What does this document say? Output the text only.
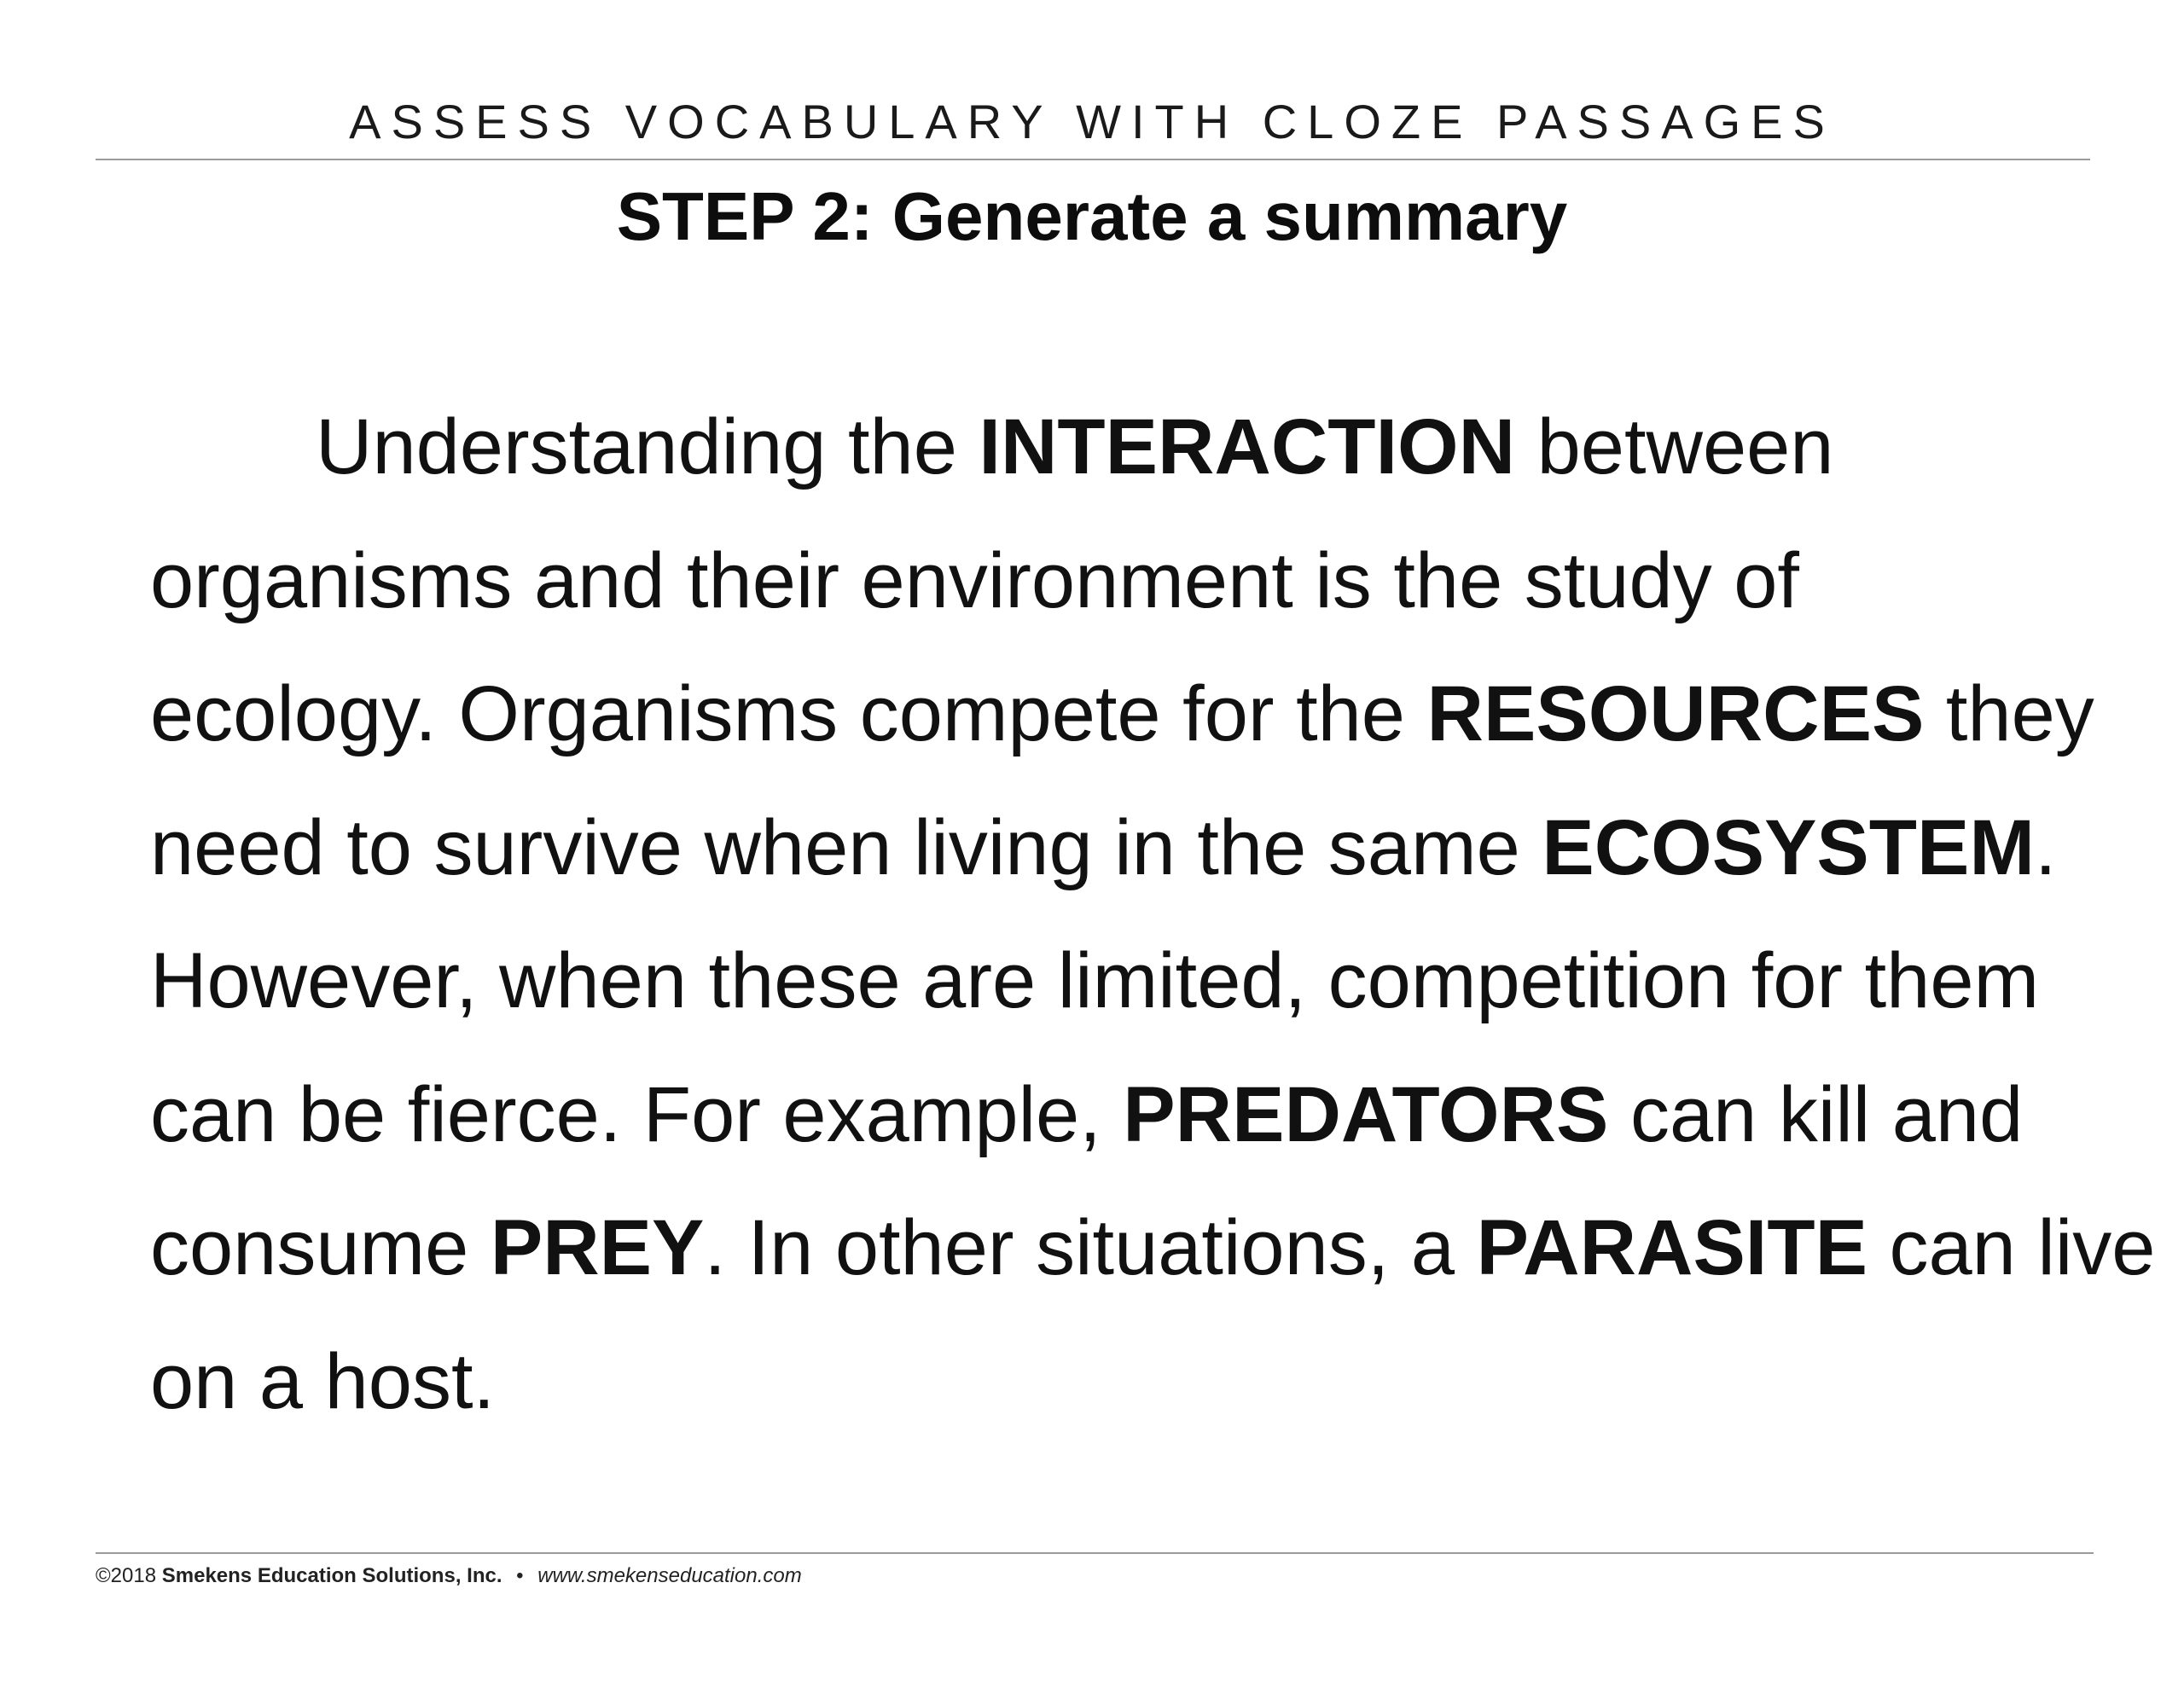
ASSESS VOCABULARY WITH CLOZE PASSAGES
STEP 2: Generate a summary
Understanding the INTERACTION between
organisms and their environment is the study of
ecology. Organisms compete for the RESOURCES they
need to survive when living in the same ECOSYSTEM.
However, when these are limited, competition for them
can be fierce. For example, PREDATORS can kill and
consume PREY. In other situations, a PARASITE can live
on a host.
©2018 Smekens Education Solutions, Inc. • www.smekenseducation.com
